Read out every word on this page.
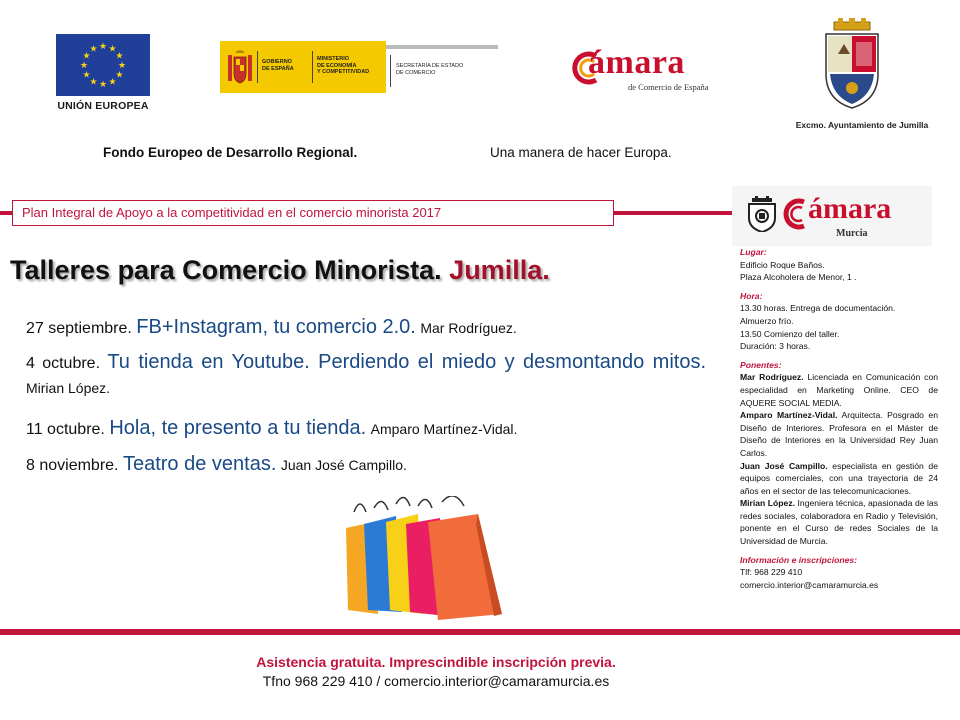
★ ★
★
★
★
★
★
★
★
★
★
★
UNIÓN EUROPEA
GOBIERNO
DE ESPAÑA
MINISTERIO
DE ECONOMÍA
Y COMPETITIVIDAD
SECRETARÍA DE ESTADO
DE COMERCIO	ámara
de Comercio de España
Excmo. Ayuntamiento de Jumilla
Fondo Europeo de Desarrollo Regional.	Una manera de hacer Europa.
Plan Integral de Apoyo a la competitividad en el comercio minorista 2017	ámara
Murcia
Talleres para Comercio Minorista. Jumilla.
27 septiembre. FB+Instagram, tu comercio 2.0. Mar Rodríguez.
4 octubre. Tu tienda en Youtube. Perdiendo el miedo y desmontando mitos. Mirian López.
11 octubre. Hola, te presento a tu tienda. Amparo Martínez-Vidal.
8 noviembre. Teatro de ventas. Juan José Campillo.

Lugar:

Edificio Roque Baños.

Plaza Alcoholera de Menor, 1 .

Hora:

13.30 horas. Entrega de documentación.

Almuerzo frío.

13.50 Comienzo del taller.

Duración: 3 horas.

Ponentes:

Mar Rodríguez. Licenciada en Comunicación con especialidad en Marketing Online. CEO de AQUERE SOCIAL MEDIA.

Amparo Martínez-Vidal. Arquitecta. Posgrado en Diseño de Interiores. Profesora en el Máster de Diseño de Interiores en la Universidad Rey Juan Carlos.

Juan José Campillo. especialista en gestión de equipos comerciales, con una trayectoria de 24 años en el sector de las telecomunicaciones.

Mirian López. Ingeniera técnica, apasionada de las redes sociales, colaboradora en Radio y Televisión, ponente en el Curso de redes Sociales de la Universidad de Murcia.

Información e inscripciones:

Tlf: 968 229 410

comercio.interior@camaramurcia.es

Asistencia gratuita. Imprescindible inscripción previa.
Tfno 968 229 410 / comercio.interior@camaramurcia.es
